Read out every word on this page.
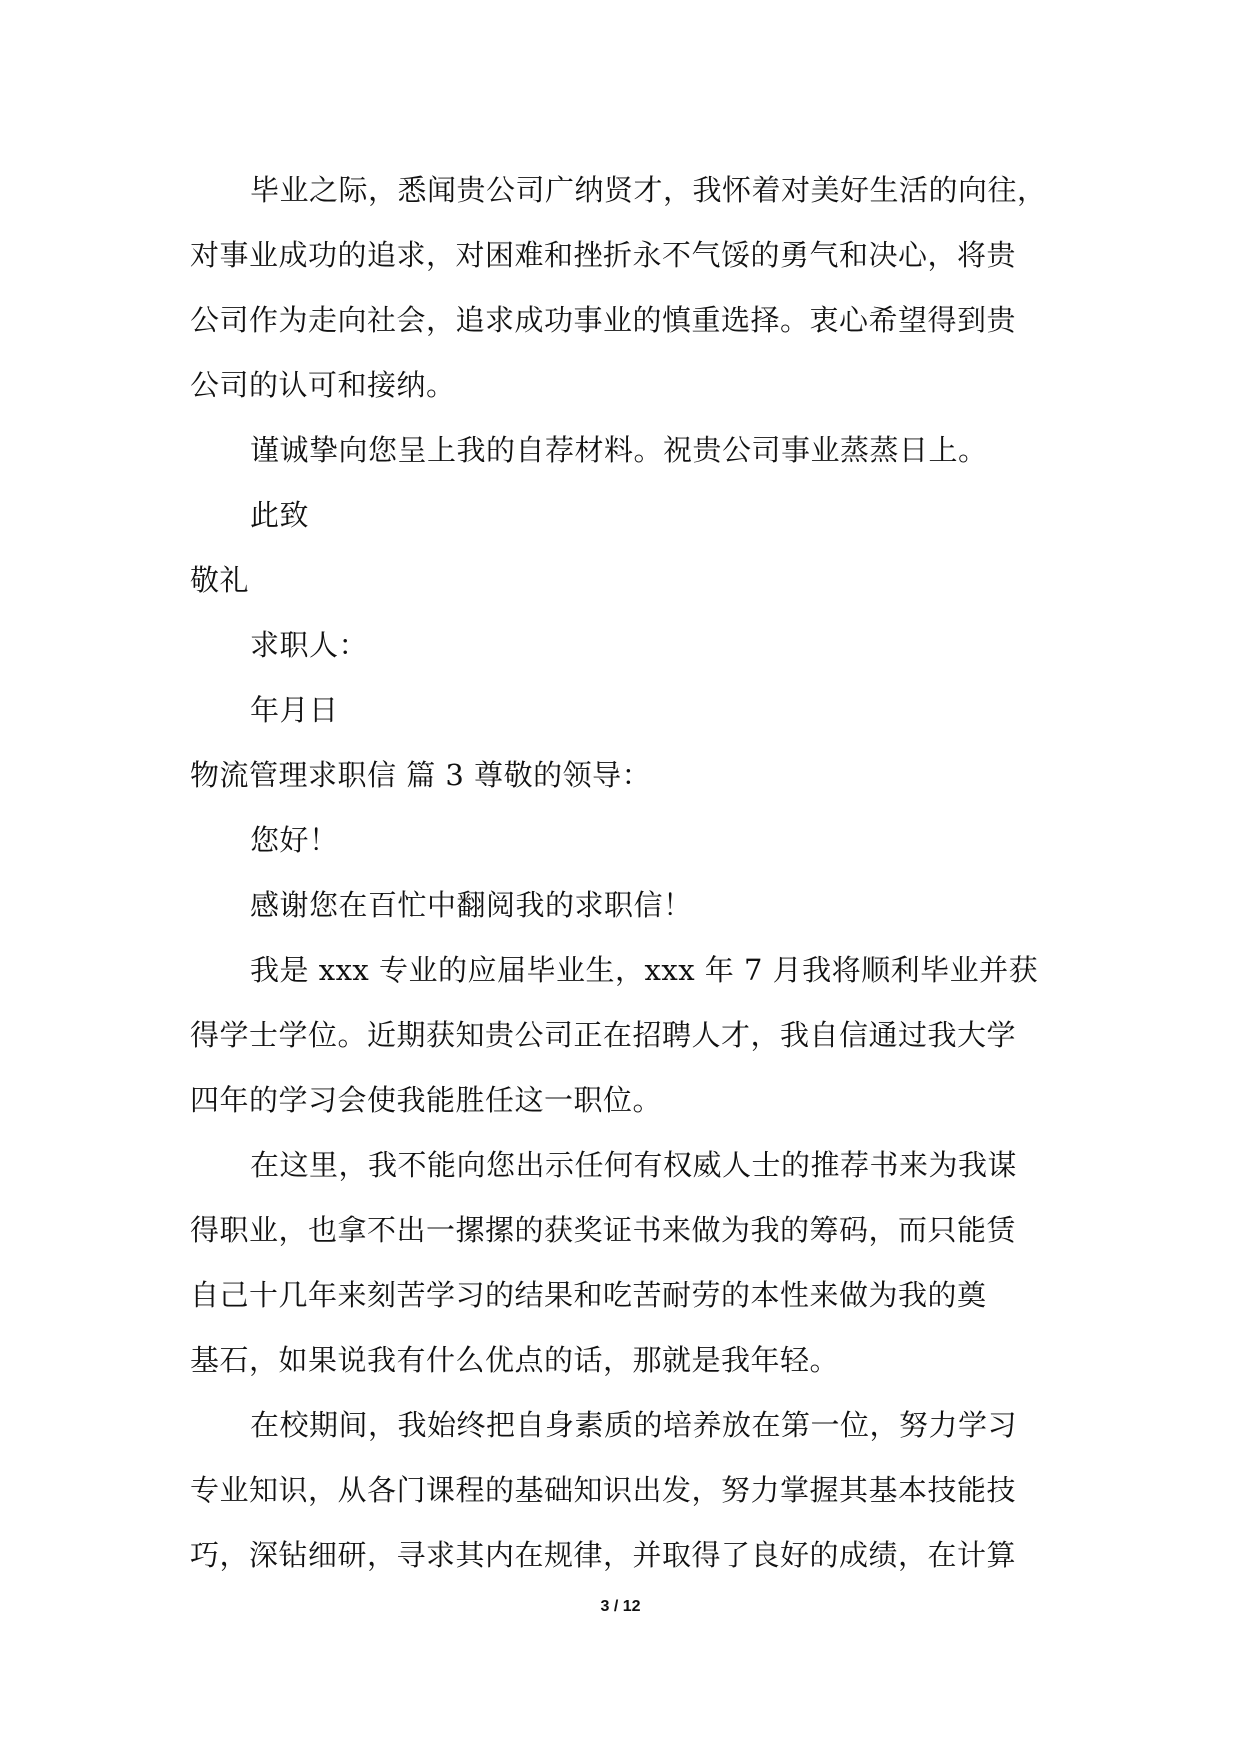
毕业之际，悉闻贵公司广纳贤才，我怀着对美好生活的向往，
对事业成功的追求，对困难和挫折永不气馁的勇气和决心，将贵
公司作为走向社会，追求成功事业的慎重选择。衷心希望得到贵
公司的认可和接纳。
谨诚挚向您呈上我的自荐材料。祝贵公司事业蒸蒸日上。
此致
敬礼
求职人：
年月日
物流管理求职信 篇 3 尊敬的领导：
您好！
感谢您在百忙中翻阅我的求职信！
我是 xxx 专业的应届毕业生，xxx 年 7 月我将顺利毕业并获
得学士学位。近期获知贵公司正在招聘人才，我自信通过我大学
四年的学习会使我能胜任这一职位。
在这里，我不能向您出示任何有权威人士的推荐书来为我谋
得职业，也拿不出一摞摞的获奖证书来做为我的筹码，而只能赁
自己十几年来刻苦学习的结果和吃苦耐劳的本性来做为我的奠
基石，如果说我有什么优点的话，那就是我年轻。
在校期间，我始终把自身素质的培养放在第一位，努力学习
专业知识，从各门课程的基础知识出发，努力掌握其基本技能技
巧，深钻细研，寻求其内在规律，并取得了良好的成绩，在计算
3 / 12
